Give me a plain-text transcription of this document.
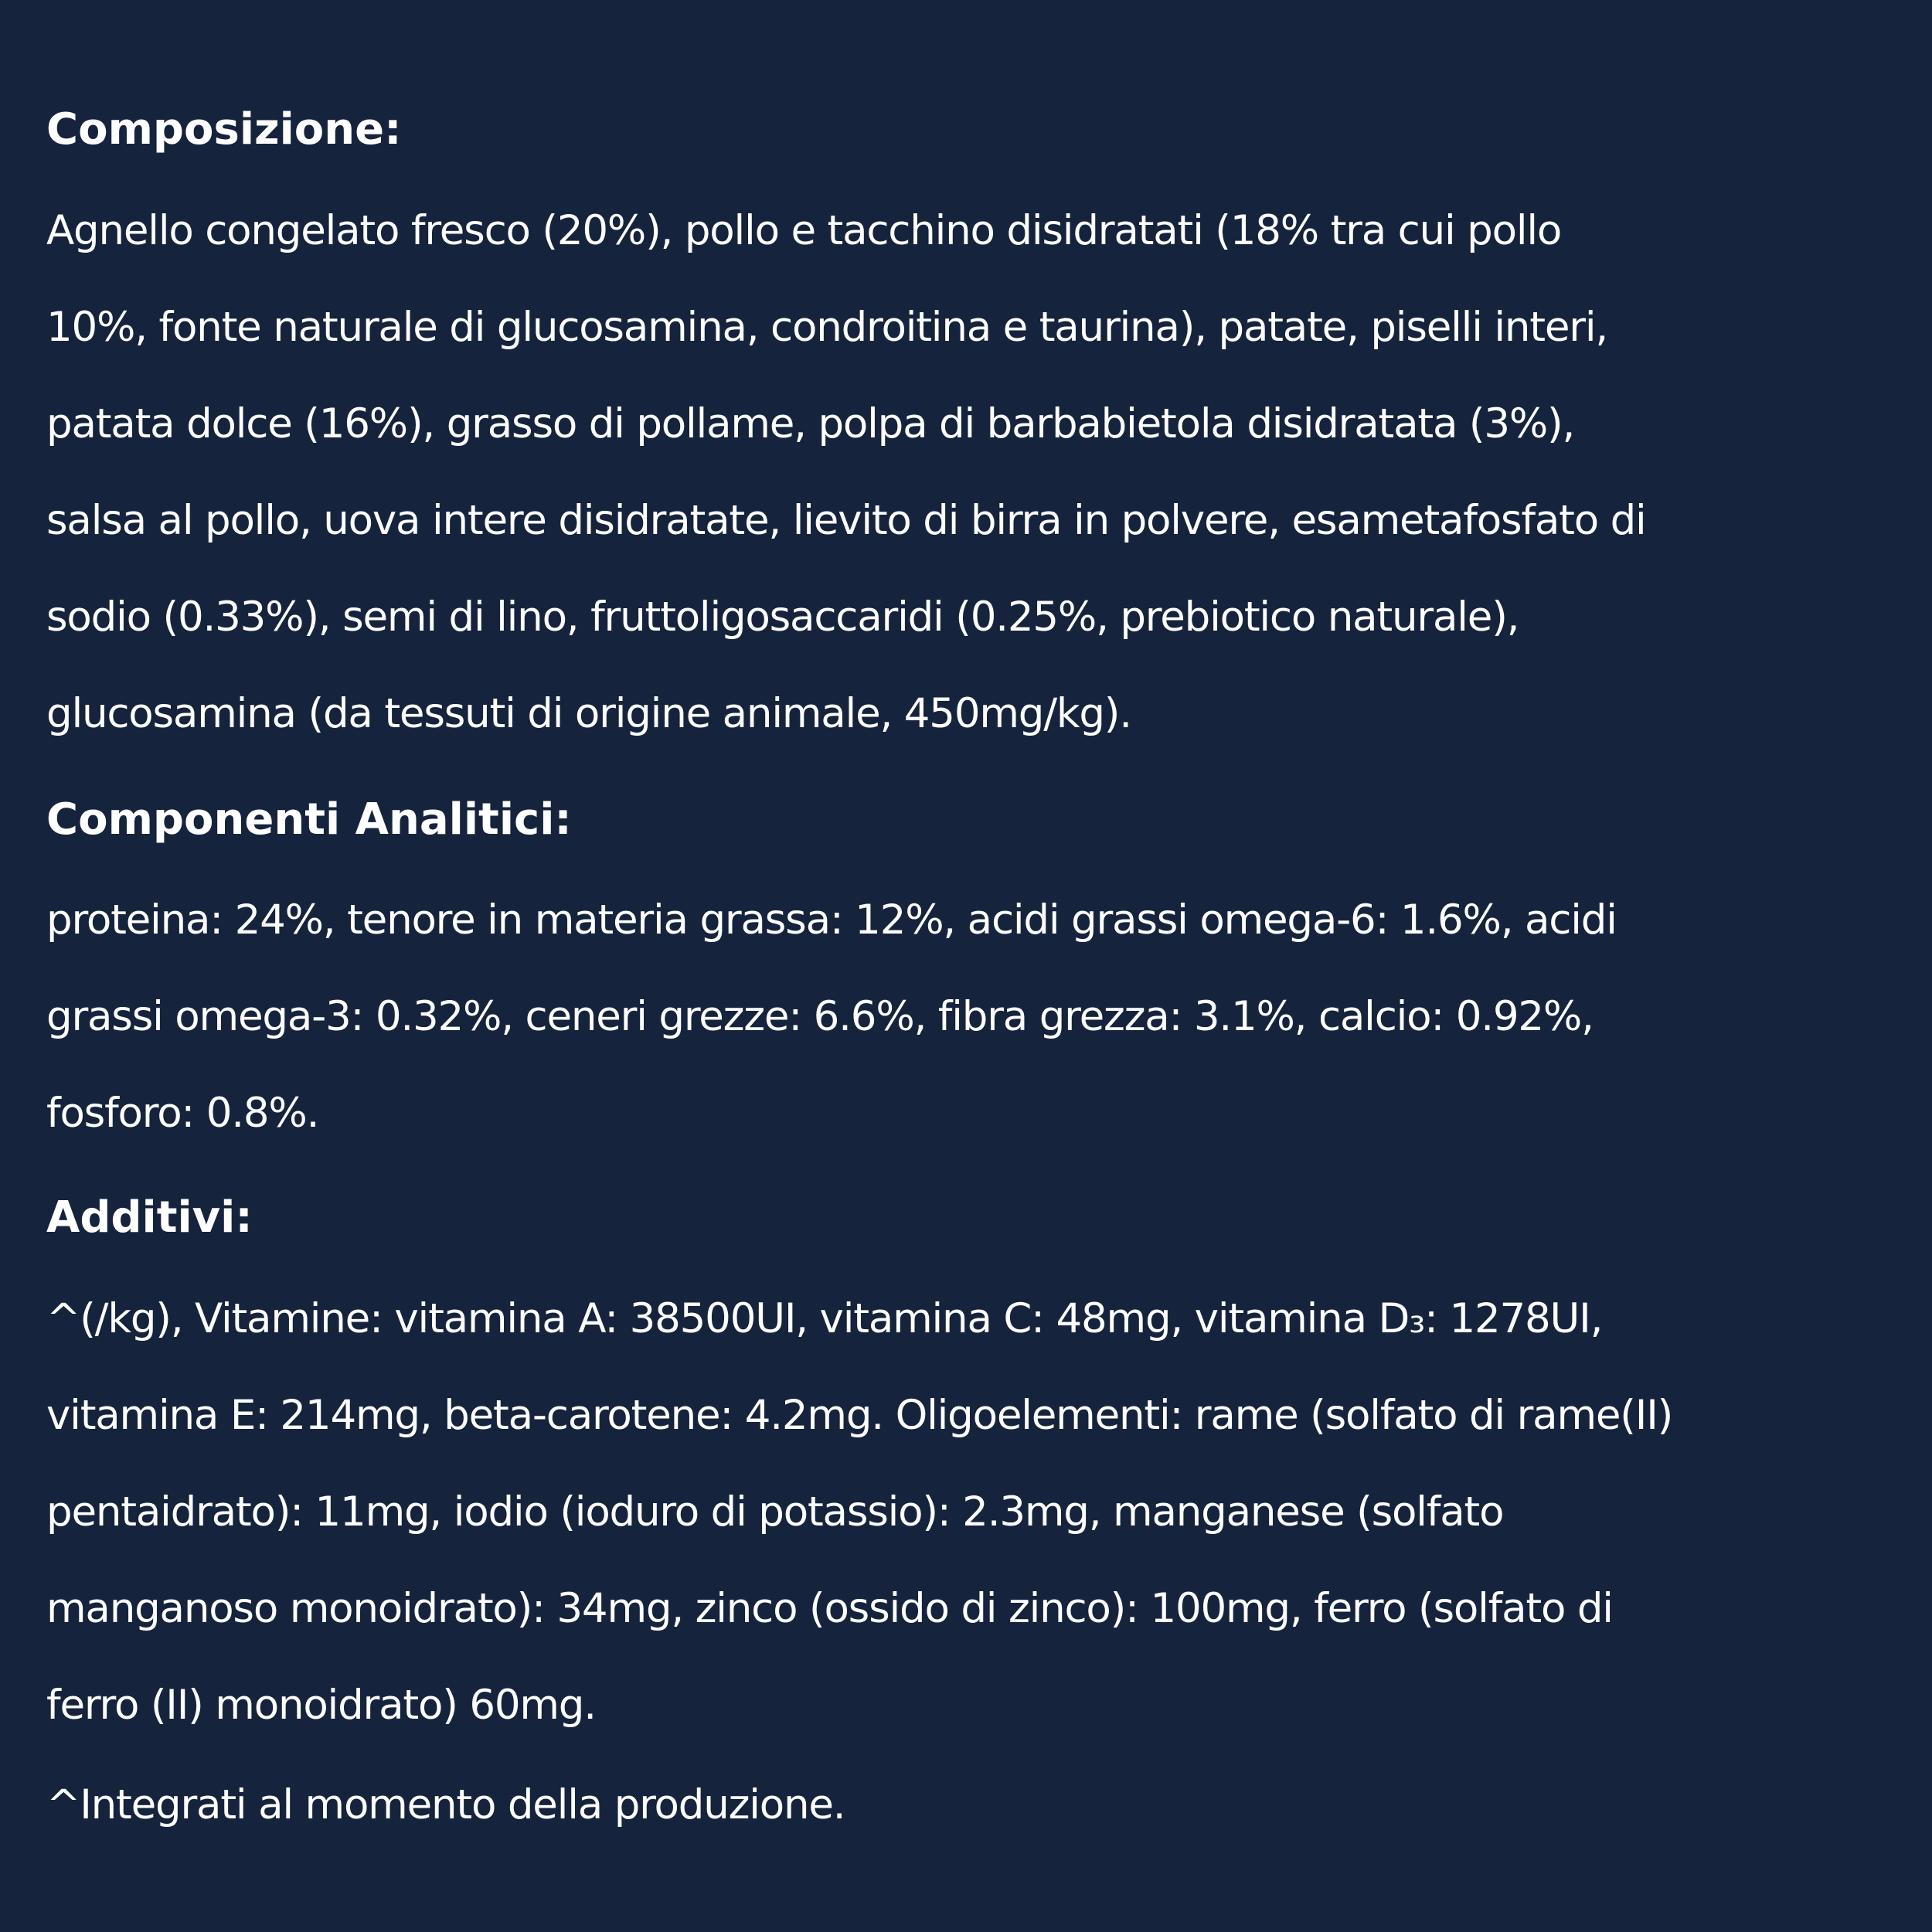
Composizione:

Agnello congelato fresco (20%), pollo e tacchino disidratati (18% tra cui pollo
10%, fonte naturale di glucosamina, condroitina e taurina), patate, piselli interi,
patata dolce (16%), grasso di pollame, polpa di barbabietola disidratata (3%),
salsa al pollo, uova intere disidratate, lievito di birra in polvere, esametafosfato di
sodio (0.33%), semi di lino, fruttoligosaccaridi (0.25%, prebiotico naturale),
glucosamina (da tessuti di origine animale, 450mg/kg).

Componenti Analitici:

proteina: 24%, tenore in materia grassa: 12%, acidi grassi omega-6: 1.6%, acidi
grassi omega-3: 0.32%, ceneri grezze: 6.6%, fibra grezza: 3.1%, calcio: 0.92%,
fosforo: 0.8%.

Additivi:

^(/kg), Vitamine: vitamina A: 38500UI, vitamina C: 48mg, vitamina D₃: 1278UI,
vitamina E: 214mg, beta-carotene: 4.2mg. Oligoelementi: rame (solfato di rame(II)
pentaidrato): 11mg, iodio (ioduro di potassio): 2.3mg, manganese (solfato
manganoso monoidrato): 34mg, zinco (ossido di zinco): 100mg, ferro (solfato di
ferro (II) monoidrato) 60mg.

^Integrati al momento della produzione.
